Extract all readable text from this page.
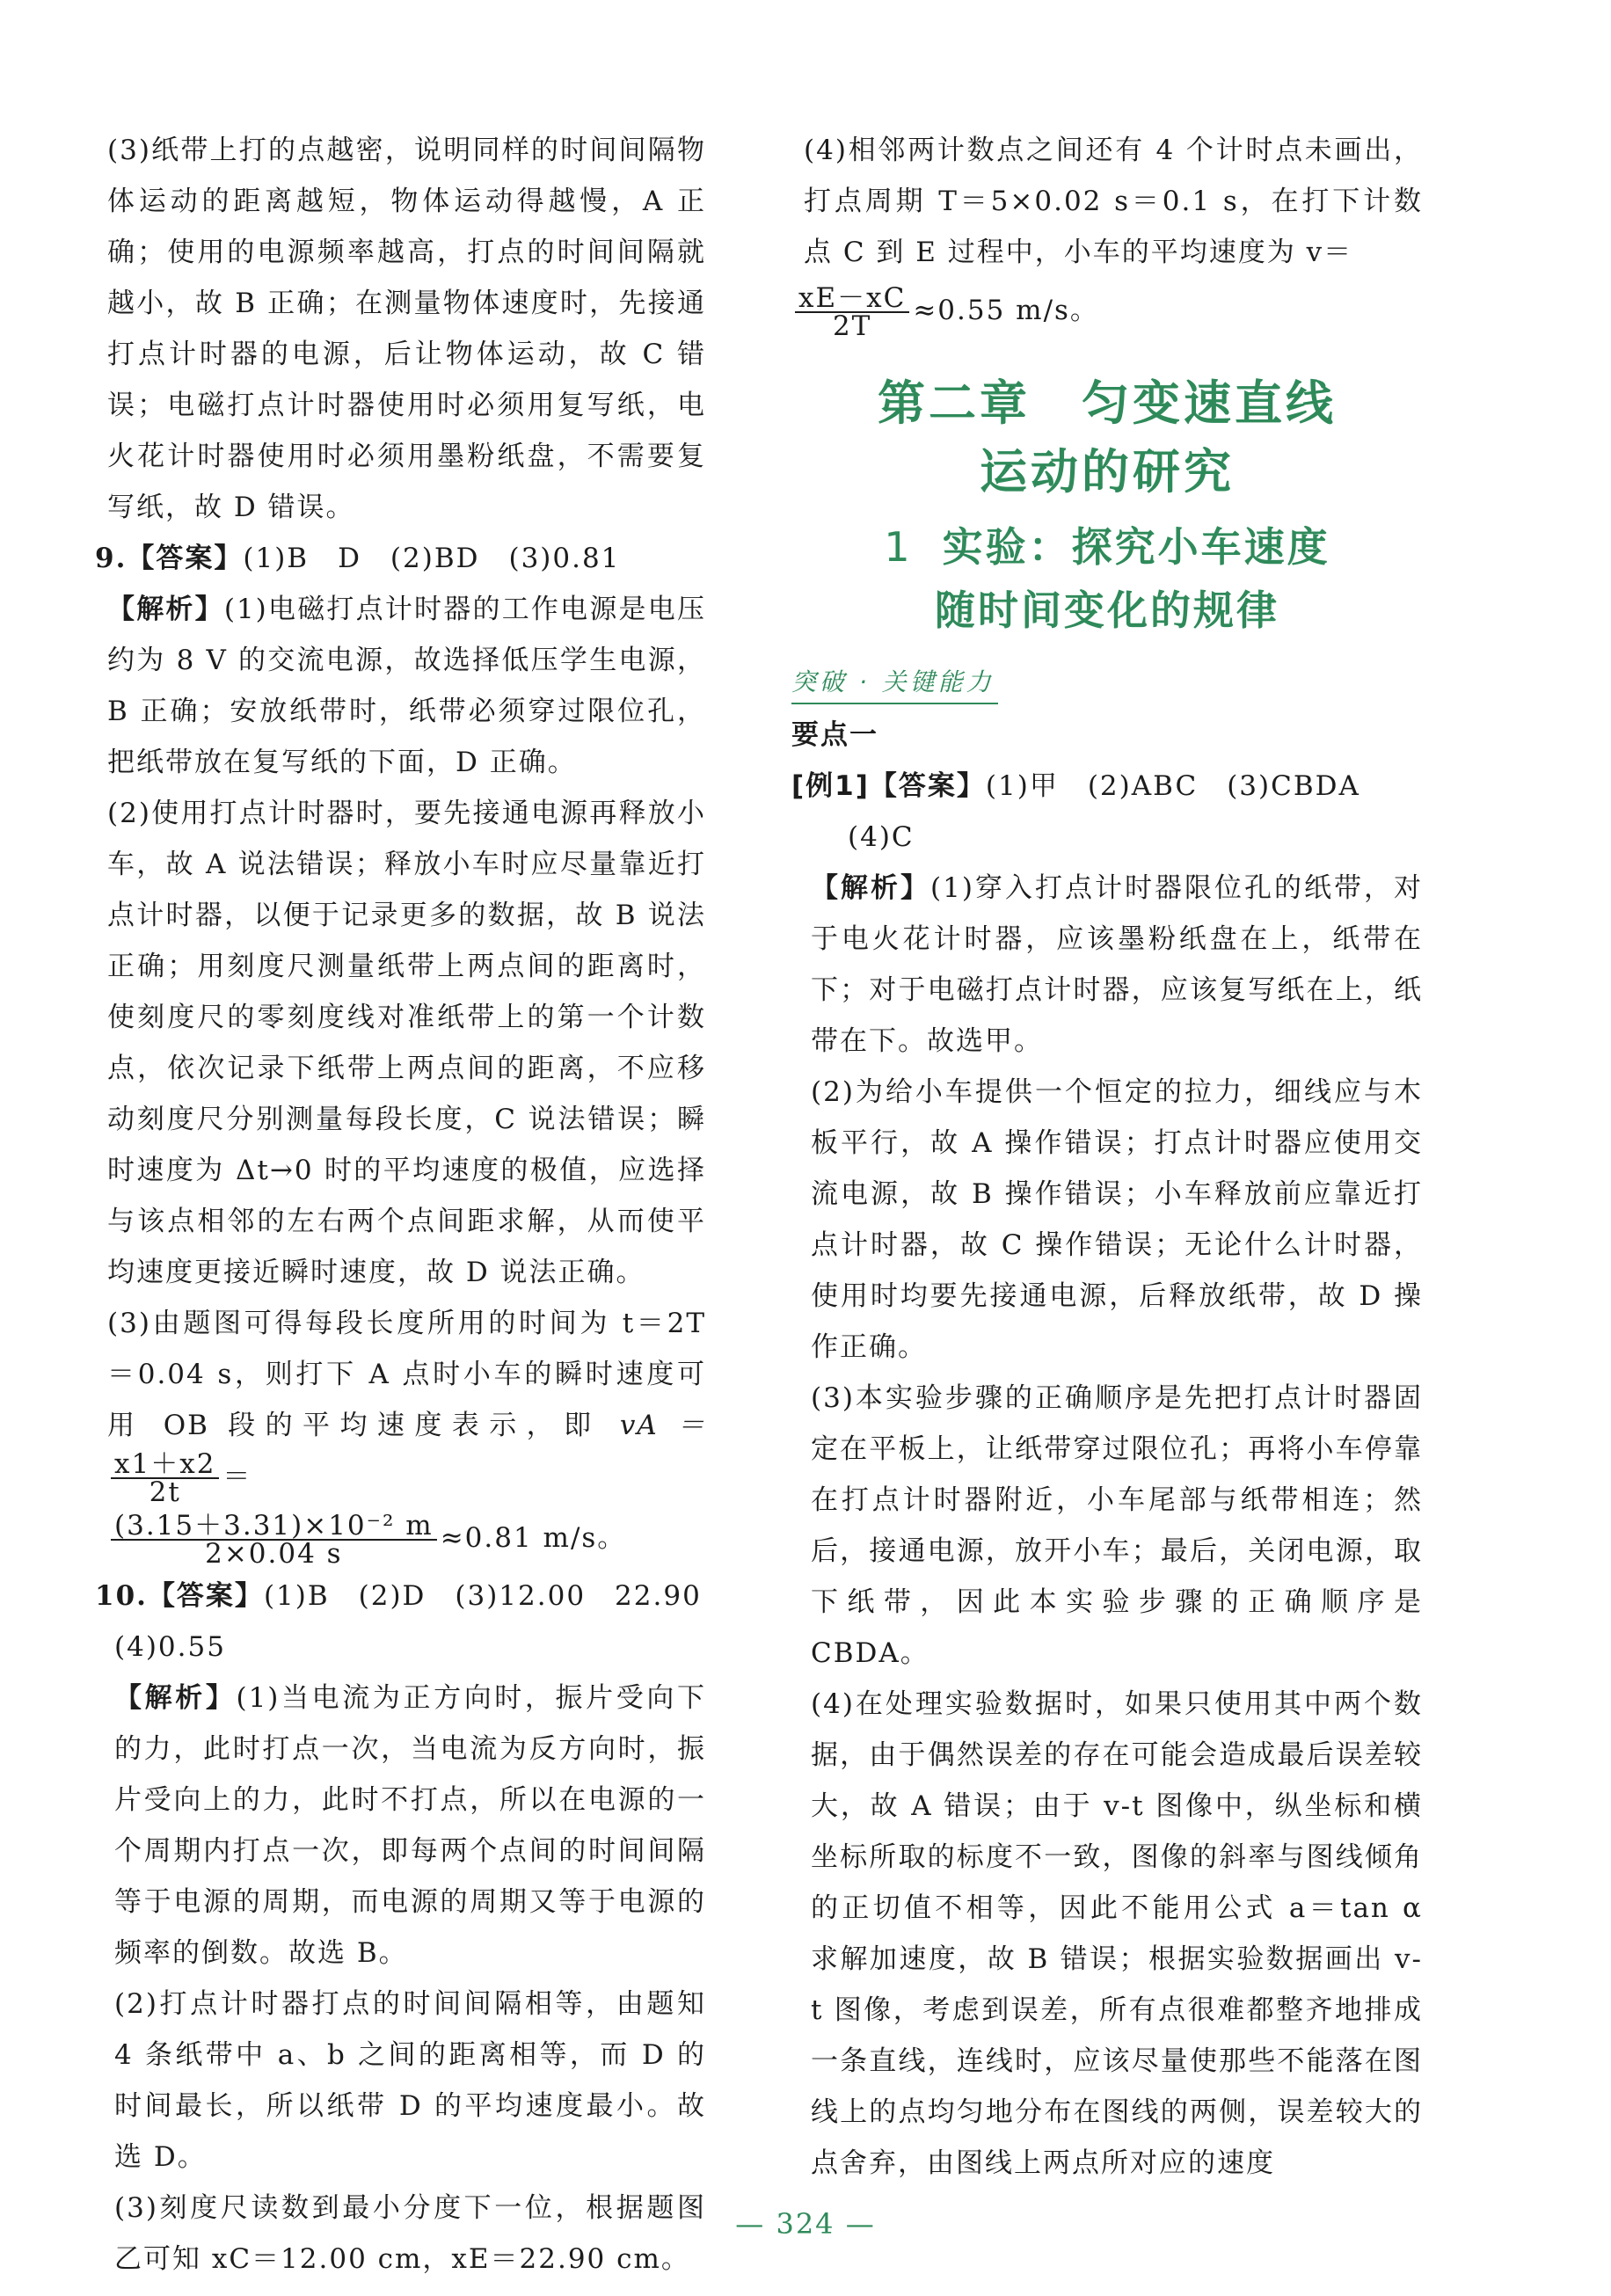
(3)纸带上打的点越密，说明同样的时间间隔物体运动的距离越短，物体运动得越慢，A 正确；使用的电源频率越高，打点的时间间隔就越小，故 B 正确；在测量物体速度时，先接通打点计时器的电源，后让物体运动，故 C 错误；电磁打点计时器使用时必须用复写纸，电火花计时器使用时必须用墨粉纸盘，不需要复写纸，故 D 错误。

9.【答案】(1)B　D　(2)BD　(3)0.81

【解析】(1)电磁打点计时器的工作电源是电压约为 8 V 的交流电源，故选择低压学生电源，B 正确；安放纸带时，纸带必须穿过限位孔，把纸带放在复写纸的下面，D 正确。

(2)使用打点计时器时，要先接通电源再释放小车，故 A 说法错误；释放小车时应尽量靠近打点计时器，以便于记录更多的数据，故 B 说法正确；用刻度尺测量纸带上两点间的距离时，使刻度尺的零刻度线对准纸带上的第一个计数点，依次记录下纸带上两点间的距离，不应移动刻度尺分别测量每段长度，C 说法错误；瞬时速度为 Δt→0 时的平均速度的极值，应选择与该点相邻的左右两个点间距求解，从而使平均速度更接近瞬时速度，故 D 说法正确。

(3)由题图可得每段长度所用的时间为 t＝2T＝0.04 s，则打下 A 点时小车的瞬时速度可用 OB 段的平均速度表示，即 vA ＝
$\frac{x1+x2}{2t}$ ＝

$\frac{\text{(3.15＋3.31)×10⁻² m}}{2\times 0.04 s} \approx 0.81$ m/s。

10.【答案】(1)B　(2)D　(3)12.00　22.90

(4)0.55

【解析】(1)当电流为正方向时，振片受向下的力，此时打点一次，当电流为反方向时，振片受向上的力，此时不打点，所以在电源的一个周期内打点一次，即每两个点间的时间间隔等于电源的周期，而电源的周期又等于电源的频率的倒数。故选 B。

(2)打点计时器打点的时间间隔相等，由题知 4 条纸带中 a、b 之间的距离相等，而 D 的时间最长，所以纸带 D 的平均速度最小。故选 D。

(3)刻度尺读数到最小分度下一位，根据题图乙可知 xC＝12.00 cm，xE＝22.90 cm。

(4)相邻两计数点之间还有 4 个计时点未画出，打点周期 T＝5×0.02 s＝0.1 s，在打下计数点 C 到 E 过程中，小车的平均速度为 v＝

$\frac{xE-xC}{2T} \approx 0.55$ m/s。

第二章　匀变速直线
运动的研究
1 实验：探究小车速度
随时间变化的规律
突破 · 关键能力

要点一

[例1]【答案】(1)甲　(2)ABC　(3)CBDA

(4)C

【解析】(1)穿入打点计时器限位孔的纸带，对于电火花计时器，应该墨粉纸盘在上，纸带在下；对于电磁打点计时器，应该复写纸在上，纸带在下。故选甲。

(2)为给小车提供一个恒定的拉力，细线应与木板平行，故 A 操作错误；打点计时器应使用交流电源，故 B 操作错误；小车释放前应靠近打点计时器，故 C 操作错误；无论什么计时器，使用时均要先接通电源，后释放纸带，故 D 操作正确。

(3)本实验步骤的正确顺序是先把打点计时器固定在平板上，让纸带穿过限位孔；再将小车停靠在打点计时器附近，小车尾部与纸带相连；然后，接通电源，放开小车；最后，关闭电源，取下纸带，因此本实验步骤的正确顺序是 CBDA。

(4)在处理实验数据时，如果只使用其中两个数据，由于偶然误差的存在可能会造成最后误差较大，故 A 错误；由于 v-t 图像中，纵坐标和横坐标所取的标度不一致，图像的斜率与图线倾角的正切值不相等，因此不能用公式 a＝tan α 求解加速度，故 B 错误；根据实验数据画出 v-t 图像，考虑到误差，所有点很难都整齐地排成一条直线，连线时，应该尽量使那些不能落在图线上的点均匀地分布在图线的两侧，误差较大的点舍弃，由图线上两点所对应的速度

— 324 —
